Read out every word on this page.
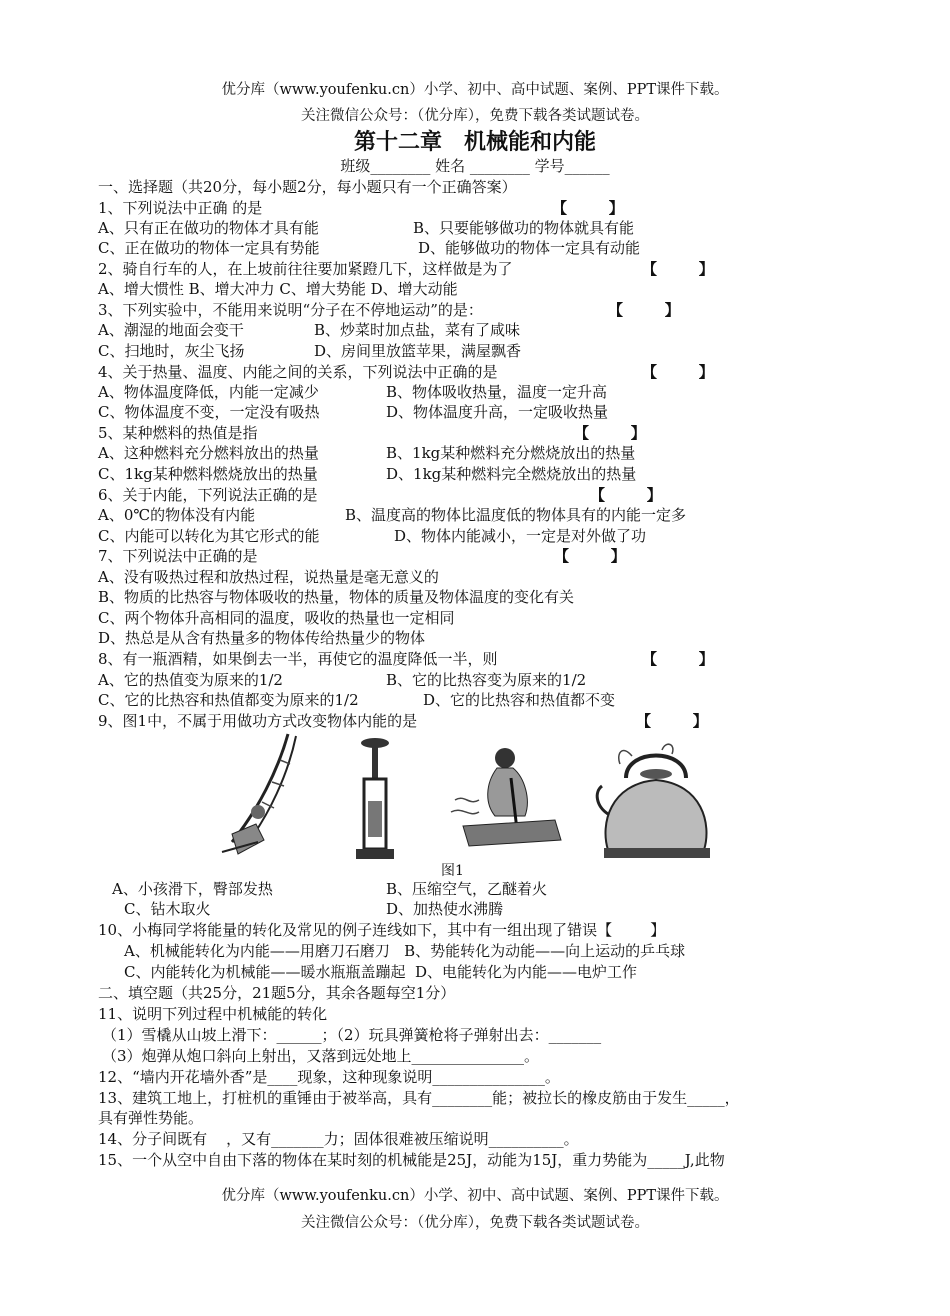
优分库（www.youfenku.cn）小学、初中、高中试题、案例、PPT课件下载。
关注微信公众号：（优分库），免费下载各类试题试卷。
第十二章　机械能和内能
班级________ 姓名 ________ 学号______
一、选择题（共20分，每小题2分，每小题只有一个正确答案）
1、下列说法中正确 的是	【        】
A、只有正在做功的物体才具有能	B、只要能够做功的物体就具有能
C、正在做功的物体一定具有势能	D、能够做功的物体一定具有动能
2、骑自行车的人，在上坡前往往要加紧蹬几下，这样做是为了	【        】
A、增大惯性 B、增大冲力 C、增大势能 D、增大动能
3、下列实验中，不能用来说明“分子在不停地运动”的是：	【        】
A、潮湿的地面会变干	B、炒菜时加点盐，菜有了咸味
C、扫地时，灰尘飞扬	D、房间里放篮苹果，满屋飘香
4、关于热量、温度、内能之间的关系，下列说法中正确的是	【        】
A、物体温度降低，内能一定减少	B、物体吸收热量，温度一定升高
C、物体温度不变，一定没有吸热	D、物体温度升高，一定吸收热量
5、某种燃料的热值是指	【        】
A、这种燃料充分燃料放出的热量	B、1kg某种燃料充分燃烧放出的热量
C、1kg某种燃料燃烧放出的热量	D、1kg某种燃料完全燃烧放出的热量
6、关于内能，下列说法正确的是	【        】
A、0℃的物体没有内能	B、温度高的物体比温度低的物体具有的内能一定多
C、内能可以转化为其它形式的能	D、物体内能减小，一定是对外做了功
7、下列说法中正确的是	【        】
A、没有吸热过程和放热过程，说热量是毫无意义的
B、物质的比热容与物体吸收的热量，物体的质量及物体温度的变化有关
C、两个物体升高相同的温度，吸收的热量也一定相同
D、热总是从含有热量多的物体传给热量少的物体
8、有一瓶酒精，如果倒去一半，再使它的温度降低一半，则	【        】
A、它的热值变为原来的1/2	B、它的比热容变为原来的1/2
C、它的比热容和热值都变为原来的1/2	D、它的比热容和热值都不变
9、图1中，不属于用做功方式改变物体内能的是	【        】
图1
A、小孩滑下，臀部发热	B、压缩空气，乙醚着火
C、钻木取火	D、加热使水沸腾
10、小梅同学将能量的转化及常见的例子连线如下，其中有一组出现了错误【        】
A、机械能转化为内能——用磨刀石磨刀   B、势能转化为动能——向上运动的乒乓球
C、内能转化为机械能——暖水瓶瓶盖蹦起  D、电能转化为内能——电炉工作
二、填空题（共25分，21题5分，其余各题每空1分）
11、说明下列过程中机械能的转化
（1）雪橇从山坡上滑下：______；（2）玩具弹簧枪将子弹射出去：_______
（3）炮弹从炮口斜向上射出，又落到远处地上_______________。
12、“墙内开花墙外香”是____现象，这种现象说明_______________。
13、建筑工地上，打桩机的重锤由于被举高，具有________能；被拉长的橡皮筋由于发生_____，
具有弹性势能。
14、分子间既有    ，又有_______力；固体很难被压缩说明__________。
15、一个从空中自由下落的物体在某时刻的机械能是25J，动能为15J，重力势能为_____J,此物
优分库（www.youfenku.cn）小学、初中、高中试题、案例、PPT课件下载。
关注微信公众号：（优分库），免费下载各类试题试卷。
